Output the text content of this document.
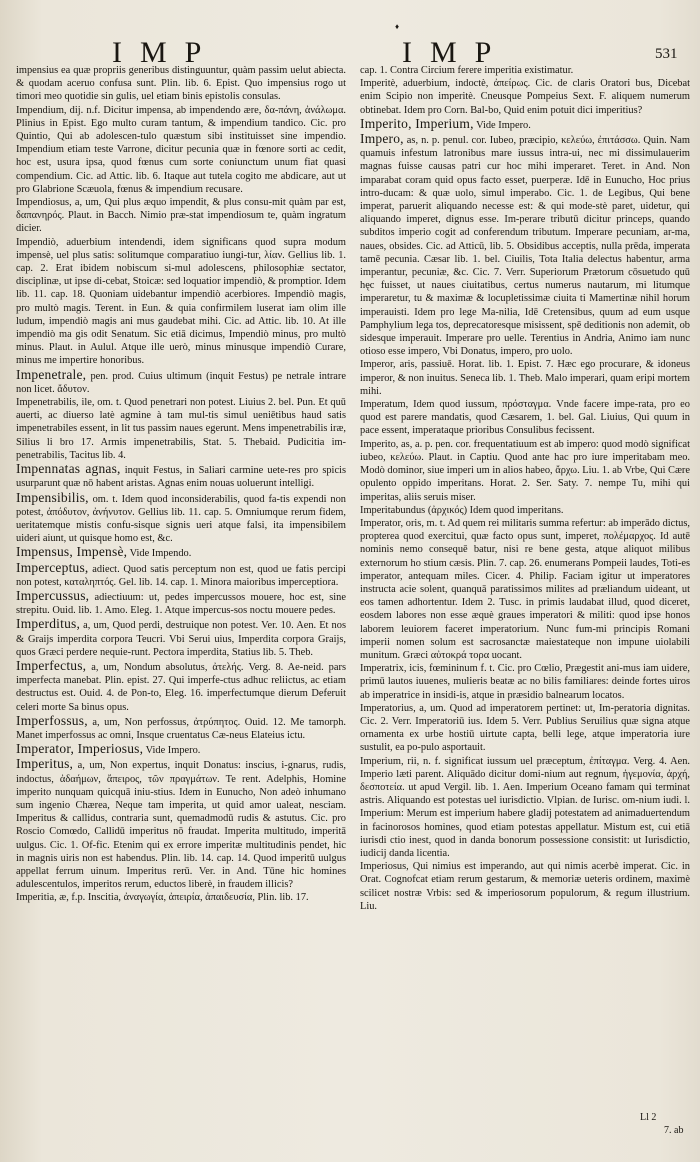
♦
IMP	IMP	531

impensius ea quæ propriis generibus distinguuntur, quàm passim uelut abiecta. & quodam aceruo confusa sunt. Plin. lib. 6. Epist. Quo impensius rogo ut timori meo quotidie sin gulis, uel etiam binis epistolis consulas.

Impendium, dij. n.f. Dicitur impensa, ab impendendo ære, δα-πάνη, ἀνάλωμα. Plinius in Epist. Ego multo curam tantum, & impendium tandico. Cic. pro Quintio, Qui ab adolescen-tulo quæstum sibi instituisset sine impendio. Impendium etiam teste Varrone, dicitur pecunia quæ in fœnore sorti ac cedit, hoc est, usura ipsa, quod fœnus cum sorte coniunctum unum fiat quasi compendium. Cic. ad Attic. lib. 6. Itaque aut tutela cogito me abdicare, aut ut pro Glabrione Scæuola, fœnus & impendium recusare.

Impendiosus, a, um, Qui plus æquo impendit, & plus consu-mit quàm par est, δαπανηρός. Plaut. in Bacch. Nimio præ-stat impendiosum te, quàm ingratum dicier.

Impendiò, aduerbium intendendi, idem significans quod supra modum impensè, uel plus satis: solitumque comparatiuo iungi-tur, λίαν. Gellius lib. 1. cap. 2. Erat ibidem nobiscum si-mul adolescens, philosophiæ sectator, disciplinæ, ut ipse di-cebat, Stoicæ: sed loquatior impendiò, & promptior. Idem lib. 11. cap. 18. Quoniam uidebantur impendiò acerbiores. Impendiò magis, pro multò magis. Terent. in Eun. & quia confirmilem luserat iam olim ille ludum, impendiò magis ani mus gaudebat mihi. Cic. ad Attic. lib. 10. At ille impendiò ma gis odit Senatum. Sic etiā dicimus, Impendiò minus, pro multò minus. Plaut. in Aulul. Atque ille uerò, minus minusque impendiò Curare, minus me impertire honoribus.

Impenetrale, pen. prod. Cuius ultimum (inquit Festus) pe netrale intrare non licet. ἄδυτον.

Impenetrabilis, ile, om. t. Quod penetrari non potest. Liuius 2. bel. Pun. Et quū auerti, ac diuerso latè agmine à tam mul-tis simul ueniētibus haud satis impenetrabiles essent, in lit tus passim naues egerunt. Mens impenetrabilis iræ, Silius li bro 17. Armis impenetrabilis, Stat. 5. Thebaid. Pudicitia im-penetrabilis, Tacitus lib. 4.

Impennatas agnas, inquit Festus, in Saliari carmine uete-res pro spicis usurparunt quæ nō habent aristas. Agnas enim nouas uoluerunt intelligi.

Impensibilis, om. t. Idem quod inconsiderabilis, quod fa-tis expendi non potest, ἀπόδυτον, ἀνήνυτον. Gellius lib. 11. cap. 5. Omniumque rerum fidem, ueritatemque mistis confu-sisque signis ueri atque falsi, ita impensibilem uideri aiunt, ut quisque homo est, &c.

Impensus, Impensè, Vide Impendo.

Imperceptus, adiect. Quod satis perceptum non est, quod ue fatis percipi non potest, καταληπτός. Gel. lib. 14. cap. 1. Minora maioribus imperceptiora.

Impercussus, adiectiuum: ut, pedes impercussos mouere, hoc est, sine strepitu. Ouid. lib. 1. Amo. Eleg. 1. Atque impercus-sos noctu mouere pedes.

Imperditus, a, um, Quod perdi, destruique non potest. Ver. 10. Aen. Et nos & Graijs imperdita corpora Teucri. Vbi Serui uius, Imperdita corpora Graijs, quos Græci perdere nequie-runt. Pectora imperdita, Statius lib. 5. Theb.

Imperfectus, a, um, Nondum absolutus, ἀτελής. Verg. 8. Ae-neid. pars imperfecta manebat. Plin. epist. 27. Qui imperfe-ctus adhuc reliictus, ac etiam destructus est. Ouid. 4. de Pon-to, Eleg. 16. imperfectumque dierum Deferuit celeri morte Sa binus opus.

Imperfossus, a, um, Non perfossus, ἀτρύπητος. Ouid. 12. Me tamorph. Manet imperfossus ac omni, Insque cruentatus Cæ-neus Elateius ictu.

Imperator, Imperiosus, Vide Impero.

Imperitus, a, um, Non expertus, inquit Donatus: inscius, i-gnarus, rudis, indoctus, ἀδαήμων, ἄπειρος, τῶν πραγμάτων. Te rent. Adelphis, Homine imperito nunquam quicquā iniu-stius. Idem in Eunucho, Non adeò inhumano sum ingenio Chærea, Neque tam imperita, ut quid amor ualeat, nesciam. Imperitus & callidus, contraria sunt, quemadmodū rudis & astutus. Cic. pro Roscio Comœdo, Callidū imperitus nō fraudat. Imperita multitudo, imperitā uulgus. Cic. 1. Of-fic. Etenim qui ex errore imperitæ multitudinis pendet, hic in magnis uiris non est habendus. Plin. lib. 14. cap. 14. Quod imperitū uulgus appellat ferrum uinum. Imperitus rerū. Ver. in And. Tūne hic homines adulescentulos, imperitos rerum, eductos liberè, in fraudem illicis?

Imperitia, æ, f.p. Inscitia, ἀναγωγία, ἀπειρία, ἀπαιδευσία, Plin. lib. 17.

cap. 1. Contra Circium ferere imperitia existimatur.

Imperitè, aduerbium, indoctè, ἀπείρως. Cic. de claris Oratori bus, Dicebat enim Scipio non imperitè. Cneusque Pompeius Sext. F. aliquem numerum obtinebat. Idem pro Corn. Bal-bo, Quid enim potuit dici imperitius?

Imperito, Imperium, Vide Impero.

Impero, as, n. p. penul. cor. Iubeo, præcipio, κελεύω, ἐπιτάσσω. Quin. Nam quamuis infestum latronibus mare iussus intra-ui, nec mi dissimulauerim magnas fuisse causas patri cur hoc mihi imperaret. Teret. in And. Non imparabat coram quid opus facto esset, puerperæ. Idē in Eunucho, Hoc prius intro-ducam: & quæ uolo, simul imperabo. Cic. 1. de Legibus, Qui bene imperat, paruerit aliquando necesse est: & qui mode-stè paret, uidetur, qui aliquando imperet, dignus esse. Im-perare tributū dicitur princeps, quando subditos imperio cogit ad conferendum tributum. Imperare pecuniam, ar-ma, naues, obsides. Cic. ad Atticū, lib. 5. Obsidibus acceptis, nulla prēda, imperata tamē pecunia. Cæsar lib. 1. bel. Ciuilis, Tota Italia delectus habentur, arma imperantur, pecuniæ, &c. Cic. 7. Verr. Superiorum Prætorum cōsuetudo quū hęc fuisset, ut naues ciuitatibus, certus numerus nautarum, mi litumque imperaretur, tu & maximæ & locupletissimæ ciuita ti Mamertinæ nihil horum imperauisti. Idem pro lege Ma-nilia, Idē Cretensibus, quum ad eum usque Pamphylium lega tos, deprecatoresque misissent, spē deditionis non ademit, ob sidesque imperauit. Imperare pro uelle. Terentius in Andria, Animo iam nunc otioso esse impero, Vbi Donatus, impero, pro uolo.

Imperor, aris, passiuē. Horat. lib. 1. Epist. 7. Hæc ego procurare, & idoneus imperor, & non inuitus. Seneca lib. 1. Theb. Malo imperari, quam eripi mortem mihi.

Imperatum, Idem quod iussum, πρόσταγμα. Vnde facere impe-rata, pro eo quod est parere mandatis, quod Cæsarem, 1. bel. Gal. Liuius, Qui quum in pace essent, imperataque prioribus Consulibus fecissent.

Imperito, as, a. p. pen. cor. frequentatiuum est ab impero: quod modò significat iubeo, κελεύω. Plaut. in Captiu. Quod ante hac pro iure imperitabam meo. Modò dominor, siue imperi um in alios habeo, ἄρχω. Liu. 1. ab Vrbe, Qui Cære opulento oppido imperitans. Horat. 2. Ser. Saty. 7. nempe Tu, mihi qui imperitas, aliis seruis miser.

Imperitabundus (ἀρχικός) Idem quod imperitans.

Imperator, oris, m. t. Ad quem rei militaris summa refertur: ab imperādo dictus, propterea quod exercitui, quæ facto opus sunt, imperet, πολέμαρχος. Id autē nominis nemo consequē batur, nisi re bene gesta, atque aliquot milibus externorum ho stium cæsis. Plin. 7. cap. 26. enumerans Pompeii laudes, Toti-es imperator, antequam miles. Cicer. 4. Philip. Faciam igitur ut imperatores instructa acie solent, quanquā paratissimos milites ad præliandum uideant, ut eos tamen adhortentur. Idem 2. Tusc. in primis laudabat illud, quod diceret, eosdem labores non esse æquè graues imperatori & militi: quod ipse honos laborem leuiorem faceret imperatorium. Nunc fum-mi principis Romani imperii nomen solum est sacrosanctæ maiestateque non impune uiolabili munitum. Græci αὐτοκρά τορα uocant.

Imperatrix, icis, fœmininum f. t. Cic. pro Cœlio, Prægestit ani-mus iam uidere, primū lautos iuuenes, mulieris beatæ ac no bilis familiares: deinde fortes uiros ab imperatrice in insidi-is, atque in præsidio balnearum locatos.

Imperatorius, a, um. Quod ad imperatorem pertinet: ut, Im-peratoria dignitas. Cic. 2. Verr. Imperatoriū ius. Idem 5. Verr. Publius Seruilius quæ signa atque ornamenta ex urbe hostiū uirtute capta, belli lege, atque imperatoria iure sustulit, ea po-pulo asportauit.

Imperium, rii, n. f. significat iussum uel præceptum, ἐπίταγμα. Verg. 4. Aen. Imperio læti parent. Aliquādo dicitur domi-nium aut regnum, ἡγεμονία, ἀρχή, δεσποτεία. ut apud Vergil. lib. 1. Aen. Imperium Oceano famam qui terminat astris. Aliquando est potestas uel iurisdictio. Vlpian. de Iurisc. om-nium iudi. l. Imperium: Merum est imperium habere gladij potestatem ad animaduertendum in facinorosos homines, quod etiam potestas appellatur. Mistum est, cui etiā iurisdi ctio inest, quod in danda bonorum possessione consistit: ut Iurisdictio, iudicij danda licentia.

Imperiosus, Qui nimius est imperando, aut qui nimis acerbè imperat. Cic. in Orat. Cognofcat etiam rerum gestarum, & memoriæ ueteris ordinem, maximè scilicet nostræ Vrbis: sed & imperiosorum populorum, & regum illustrium. Liu.

Ll 2
7. ab
